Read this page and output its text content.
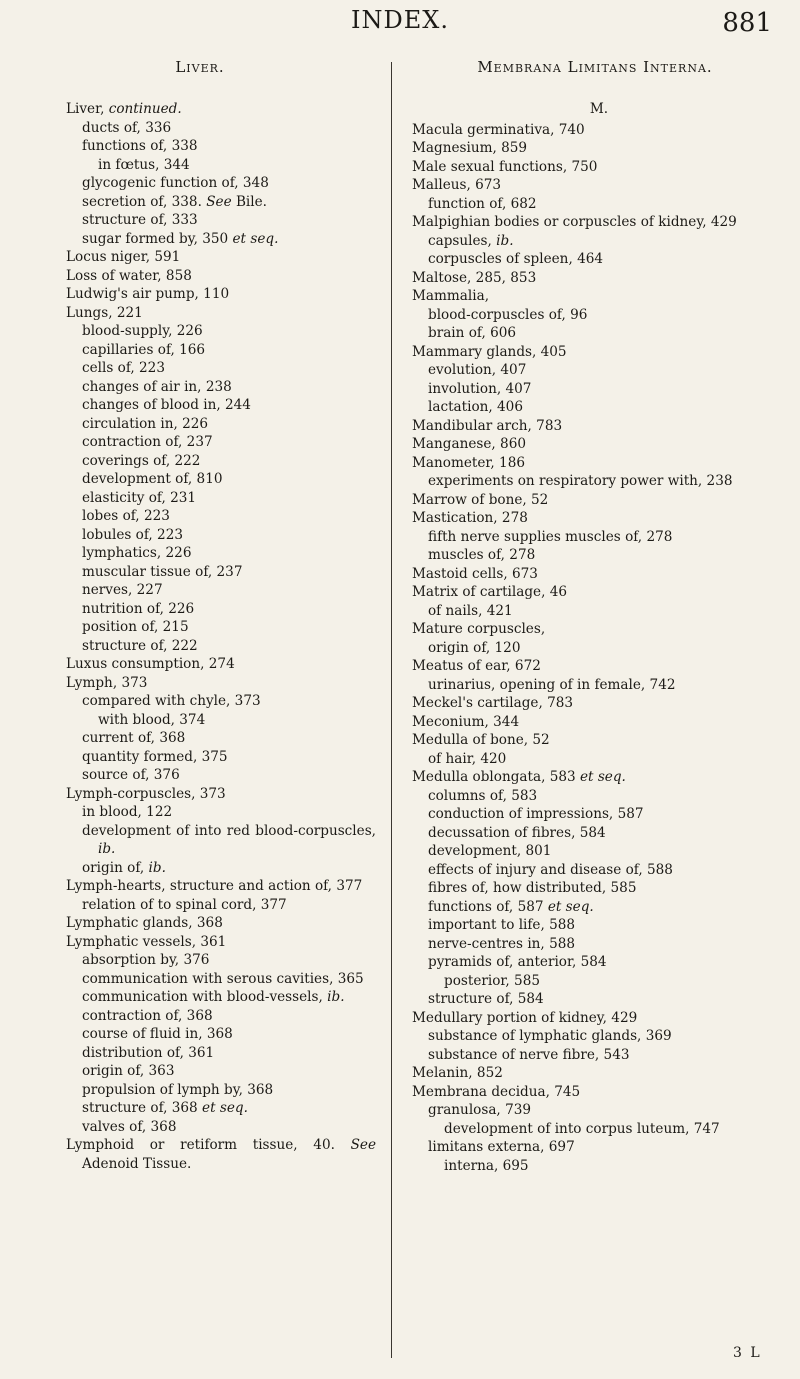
INDEX.	881
Liver.	Membrana Limitans Interna.

Liver, continued.

ducts of, 336

functions of, 338

in fœtus, 344

glycogenic function of, 348

secretion of, 338. See Bile.

structure of, 333

sugar formed by, 350 et seq.

Locus niger, 591

Loss of water, 858

Ludwig's air pump, 110

Lungs, 221

blood-supply, 226

capillaries of, 166

cells of, 223

changes of air in, 238

changes of blood in, 244

circulation in, 226

contraction of, 237

coverings of, 222

development of, 810

elasticity of, 231

lobes of, 223

lobules of, 223

lymphatics, 226

muscular tissue of, 237

nerves, 227

nutrition of, 226

position of, 215

structure of, 222

Luxus consumption, 274

Lymph, 373

compared with chyle, 373

with blood, 374

current of, 368

quantity formed, 375

source of, 376

Lymph-corpuscles, 373

in blood, 122

development of into red blood-corpuscles, ib.

origin of, ib.

Lymph-hearts, structure and action of, 377

relation of to spinal cord, 377

Lymphatic glands, 368

Lymphatic vessels, 361

absorption by, 376

communication with serous cavities, 365

communication with blood-vessels, ib.

contraction of, 368

course of fluid in, 368

distribution of, 361

origin of, 363

propulsion of lymph by, 368

structure of, 368 et seq.

valves of, 368

Lymphoid or retiform tissue, 40. See Adenoid Tissue.

M.

Macula germinativa, 740

Magnesium, 859

Male sexual functions, 750

Malleus, 673

function of, 682

Malpighian bodies or corpuscles of kidney, 429

capsules, ib.

corpuscles of spleen, 464

Maltose, 285, 853

Mammalia,

blood-corpuscles of, 96

brain of, 606

Mammary glands, 405

evolution, 407

involution, 407

lactation, 406

Mandibular arch, 783

Manganese, 860

Manometer, 186

experiments on respiratory power with, 238

Marrow of bone, 52

Mastication, 278

fifth nerve supplies muscles of, 278

muscles of, 278

Mastoid cells, 673

Matrix of cartilage, 46

of nails, 421

Mature corpuscles,

origin of, 120

Meatus of ear, 672

urinarius, opening of in female, 742

Meckel's cartilage, 783

Meconium, 344

Medulla of bone, 52

of hair, 420

Medulla oblongata, 583 et seq.

columns of, 583

conduction of impressions, 587

decussation of fibres, 584

development, 801

effects of injury and disease of, 588

fibres of, how distributed, 585

functions of, 587 et seq.

important to life, 588

nerve-centres in, 588

pyramids of, anterior, 584

posterior, 585

structure of, 584

Medullary portion of kidney, 429

substance of lymphatic glands, 369

substance of nerve fibre, 543

Melanin, 852

Membrana decidua, 745

granulosa, 739

development of into corpus luteum, 747

limitans externa, 697

interna, 695

3 L
